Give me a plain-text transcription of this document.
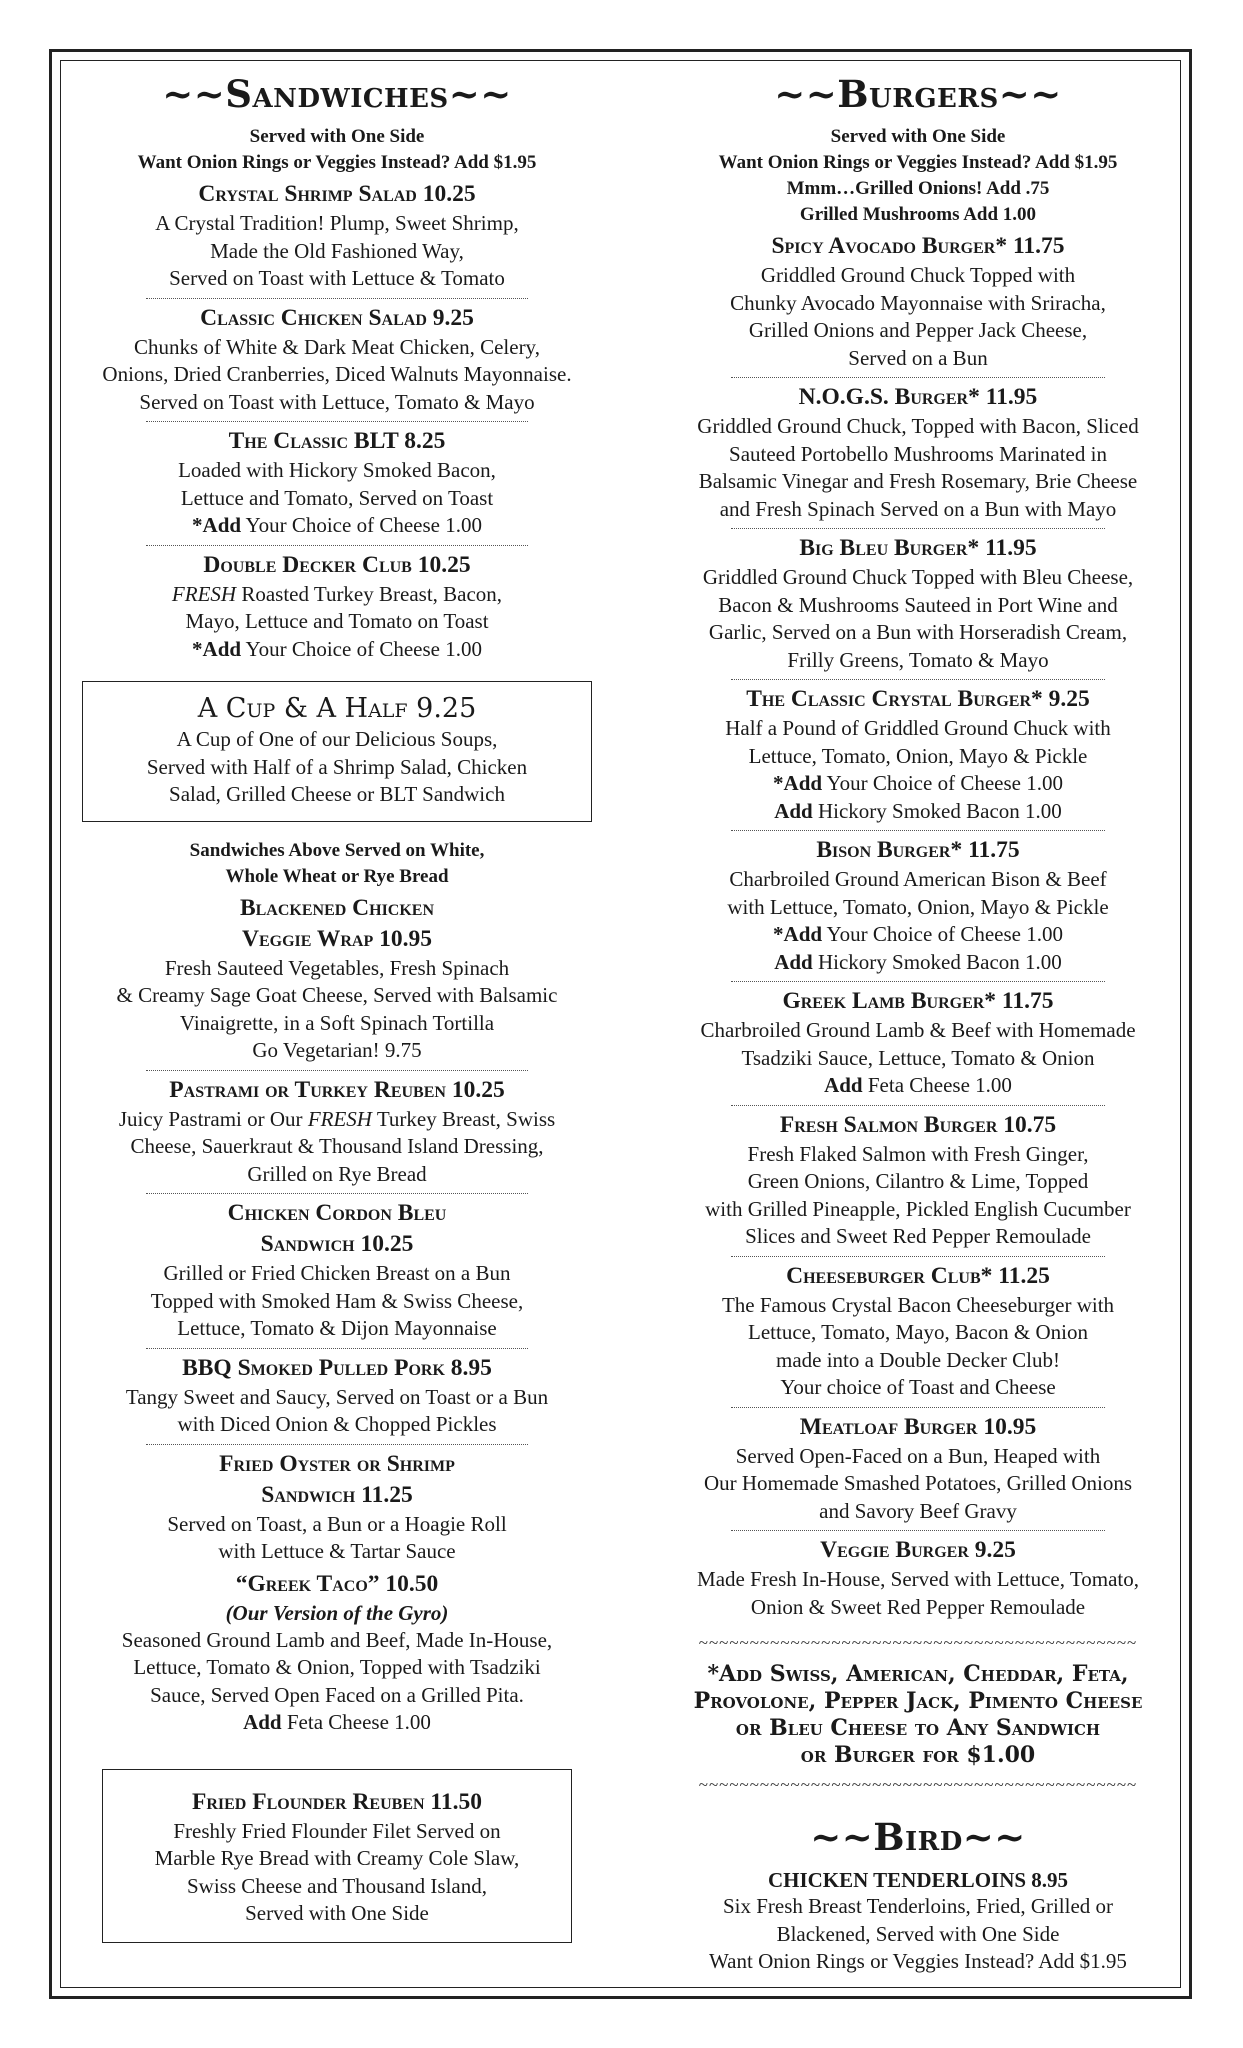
~~Sandwiches~~

Served with One Side

Want Onion Rings or Veggies Instead? Add $1.95

Crystal Shrimp Salad 10.25

A Crystal Tradition! Plump, Sweet Shrimp,

Made the Old Fashioned Way,

Served on Toast with Lettuce & Tomato

Classic Chicken Salad 9.25

Chunks of White & Dark Meat Chicken, Celery,

Onions, Dried Cranberries, Diced Walnuts Mayonnaise.

Served on Toast with Lettuce, Tomato & Mayo

The Classic BLT 8.25

Loaded with Hickory Smoked Bacon,

Lettuce and Tomato, Served on Toast

*Add Your Choice of Cheese 1.00

Double Decker Club 10.25

FRESH Roasted Turkey Breast, Bacon,

Mayo, Lettuce and Tomato on Toast

*Add Your Choice of Cheese 1.00

A Cup & A Half 9.25

A Cup of One of our Delicious Soups,

Served with Half of a Shrimp Salad, Chicken

Salad, Grilled Cheese or BLT Sandwich

Sandwiches Above Served on White,

Whole Wheat or Rye Bread

Blackened Chicken
Veggie Wrap 10.95

Fresh Sauteed Vegetables, Fresh Spinach

& Creamy Sage Goat Cheese, Served with Balsamic

Vinaigrette, in a Soft Spinach Tortilla

Go Vegetarian! 9.75

Pastrami or Turkey Reuben 10.25

Juicy Pastrami or Our FRESH Turkey Breast, Swiss

Cheese, Sauerkraut & Thousand Island Dressing,

Grilled on Rye Bread

Chicken Cordon Bleu
Sandwich 10.25

Grilled or Fried Chicken Breast on a Bun

Topped with Smoked Ham & Swiss Cheese,

Lettuce, Tomato & Dijon Mayonnaise

BBQ Smoked Pulled Pork 8.95

Tangy Sweet and Saucy, Served on Toast or a Bun

with Diced Onion & Chopped Pickles

Fried Oyster or Shrimp
Sandwich 11.25

Served on Toast, a Bun or a Hoagie Roll

with Lettuce & Tartar Sauce

“Greek Taco” 10.50
(Our Version of the Gyro)

Seasoned Ground Lamb and Beef, Made In-House,

Lettuce, Tomato & Onion, Topped with Tsadziki

Sauce, Served Open Faced on a Grilled Pita.

Add Feta Cheese 1.00

Fried Flounder Reuben 11.50

Freshly Fried Flounder Filet Served on

Marble Rye Bread with Creamy Cole Slaw,

Swiss Cheese and Thousand Island,

Served with One Side

~~Burgers~~

Served with One Side

Want Onion Rings or Veggies Instead? Add $1.95

Mmm…Grilled Onions! Add .75

Grilled Mushrooms Add 1.00

Spicy Avocado Burger* 11.75

Griddled Ground Chuck Topped with

Chunky Avocado Mayonnaise with Sriracha,

Grilled Onions and Pepper Jack Cheese,

Served on a Bun

N.O.G.S. Burger* 11.95

Griddled Ground Chuck, Topped with Bacon, Sliced

Sauteed Portobello Mushrooms Marinated in

Balsamic Vinegar and Fresh Rosemary, Brie Cheese

and Fresh Spinach Served on a Bun with Mayo

Big Bleu Burger* 11.95

Griddled Ground Chuck Topped with Bleu Cheese,

Bacon & Mushrooms Sauteed in Port Wine and

Garlic, Served on a Bun with Horseradish Cream,

Frilly Greens, Tomato & Mayo

The Classic Crystal Burger* 9.25

Half a Pound of Griddled Ground Chuck with

Lettuce, Tomato, Onion, Mayo & Pickle

*Add Your Choice of Cheese 1.00

Add Hickory Smoked Bacon 1.00

Bison Burger* 11.75

Charbroiled Ground American Bison & Beef

with Lettuce, Tomato, Onion, Mayo & Pickle

*Add Your Choice of Cheese 1.00

Add Hickory Smoked Bacon 1.00

Greek Lamb Burger* 11.75

Charbroiled Ground Lamb & Beef with Homemade

Tsadziki Sauce, Lettuce, Tomato & Onion

Add Feta Cheese 1.00

Fresh Salmon Burger 10.75

Fresh Flaked Salmon with Fresh Ginger,

Green Onions, Cilantro & Lime, Topped

with Grilled Pineapple, Pickled English Cucumber

Slices and Sweet Red Pepper Remoulade

Cheeseburger Club* 11.25

The Famous Crystal Bacon Cheeseburger with

Lettuce, Tomato, Mayo, Bacon & Onion

made into a Double Decker Club!

Your choice of Toast and Cheese

Meatloaf Burger 10.95

Served Open-Faced on a Bun, Heaped with

Our Homemade Smashed Potatoes, Grilled Onions

and Savory Beef Gravy

Veggie Burger 9.25

Made Fresh In-House, Served with Lettuce, Tomato,

Onion & Sweet Red Pepper Remoulade

~~~~~~~~~~~~~~~~~~~~~~~~~~~~~~~~~~~~~~~~~~~
*Add Swiss, American, Cheddar, Feta,
Provolone, Pepper Jack, Pimento Cheese
or Bleu Cheese to Any Sandwich
or Burger for $1.00
~~~~~~~~~~~~~~~~~~~~~~~~~~~~~~~~~~~~~~~~~~~
~~Bird~~

CHICKEN TENDERLOINS 8.95

Six Fresh Breast Tenderloins, Fried, Grilled or

Blackened, Served with One Side

Want Onion Rings or Veggies Instead? Add $1.95
